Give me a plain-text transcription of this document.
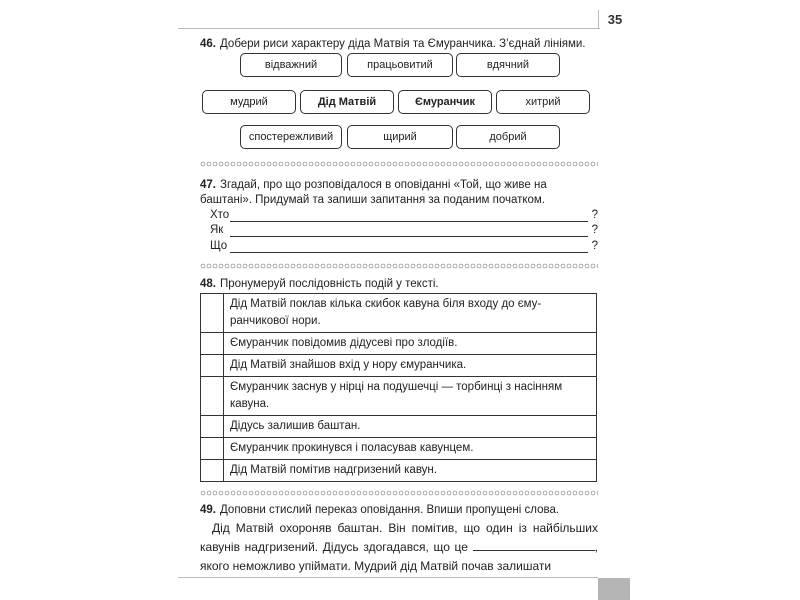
35
46. Добери риси характеру діда Матвія та Ємуранчика. З’єднай лініями.
відважний	працьовитий	вдячний
мудрий	Дід Матвій	Ємуранчик	хитрий
спостережливий	щирий	добрий
47. Згадай, про що розповідалося в оповіданні «Той, що живе на баштані». Придумай та запиши запитання за поданим початком.
Хто	?
Як	?
Що	?
48. Пронумеруй послідовність подій у тексті.
	Дід Матвій поклав кілька скибок кавуна біля входу до ємуранчикової нори.
	Ємуранчик повідомив дідусеві про злодіїв.
	Дід Матвій знайшов вхід у нору ємуранчика.
	Ємуранчик заснув у нірці на подушечці — торбинці з насінням кавуна.
	Дідусь залишив баштан.
	Ємуранчик прокинувся і поласував кавунцем.
	Дід Матвій помітив надгризений кавун.
49. Доповни стислий переказ оповідання. Впиши пропущені слова.
Дід Матвій охороняв баштан. Він помітив, що один із найбільших кавунів надгризений. Дідусь здогадався, що це	, якого неможливо упіймати. Мудрий дід Матвій почав залишати
